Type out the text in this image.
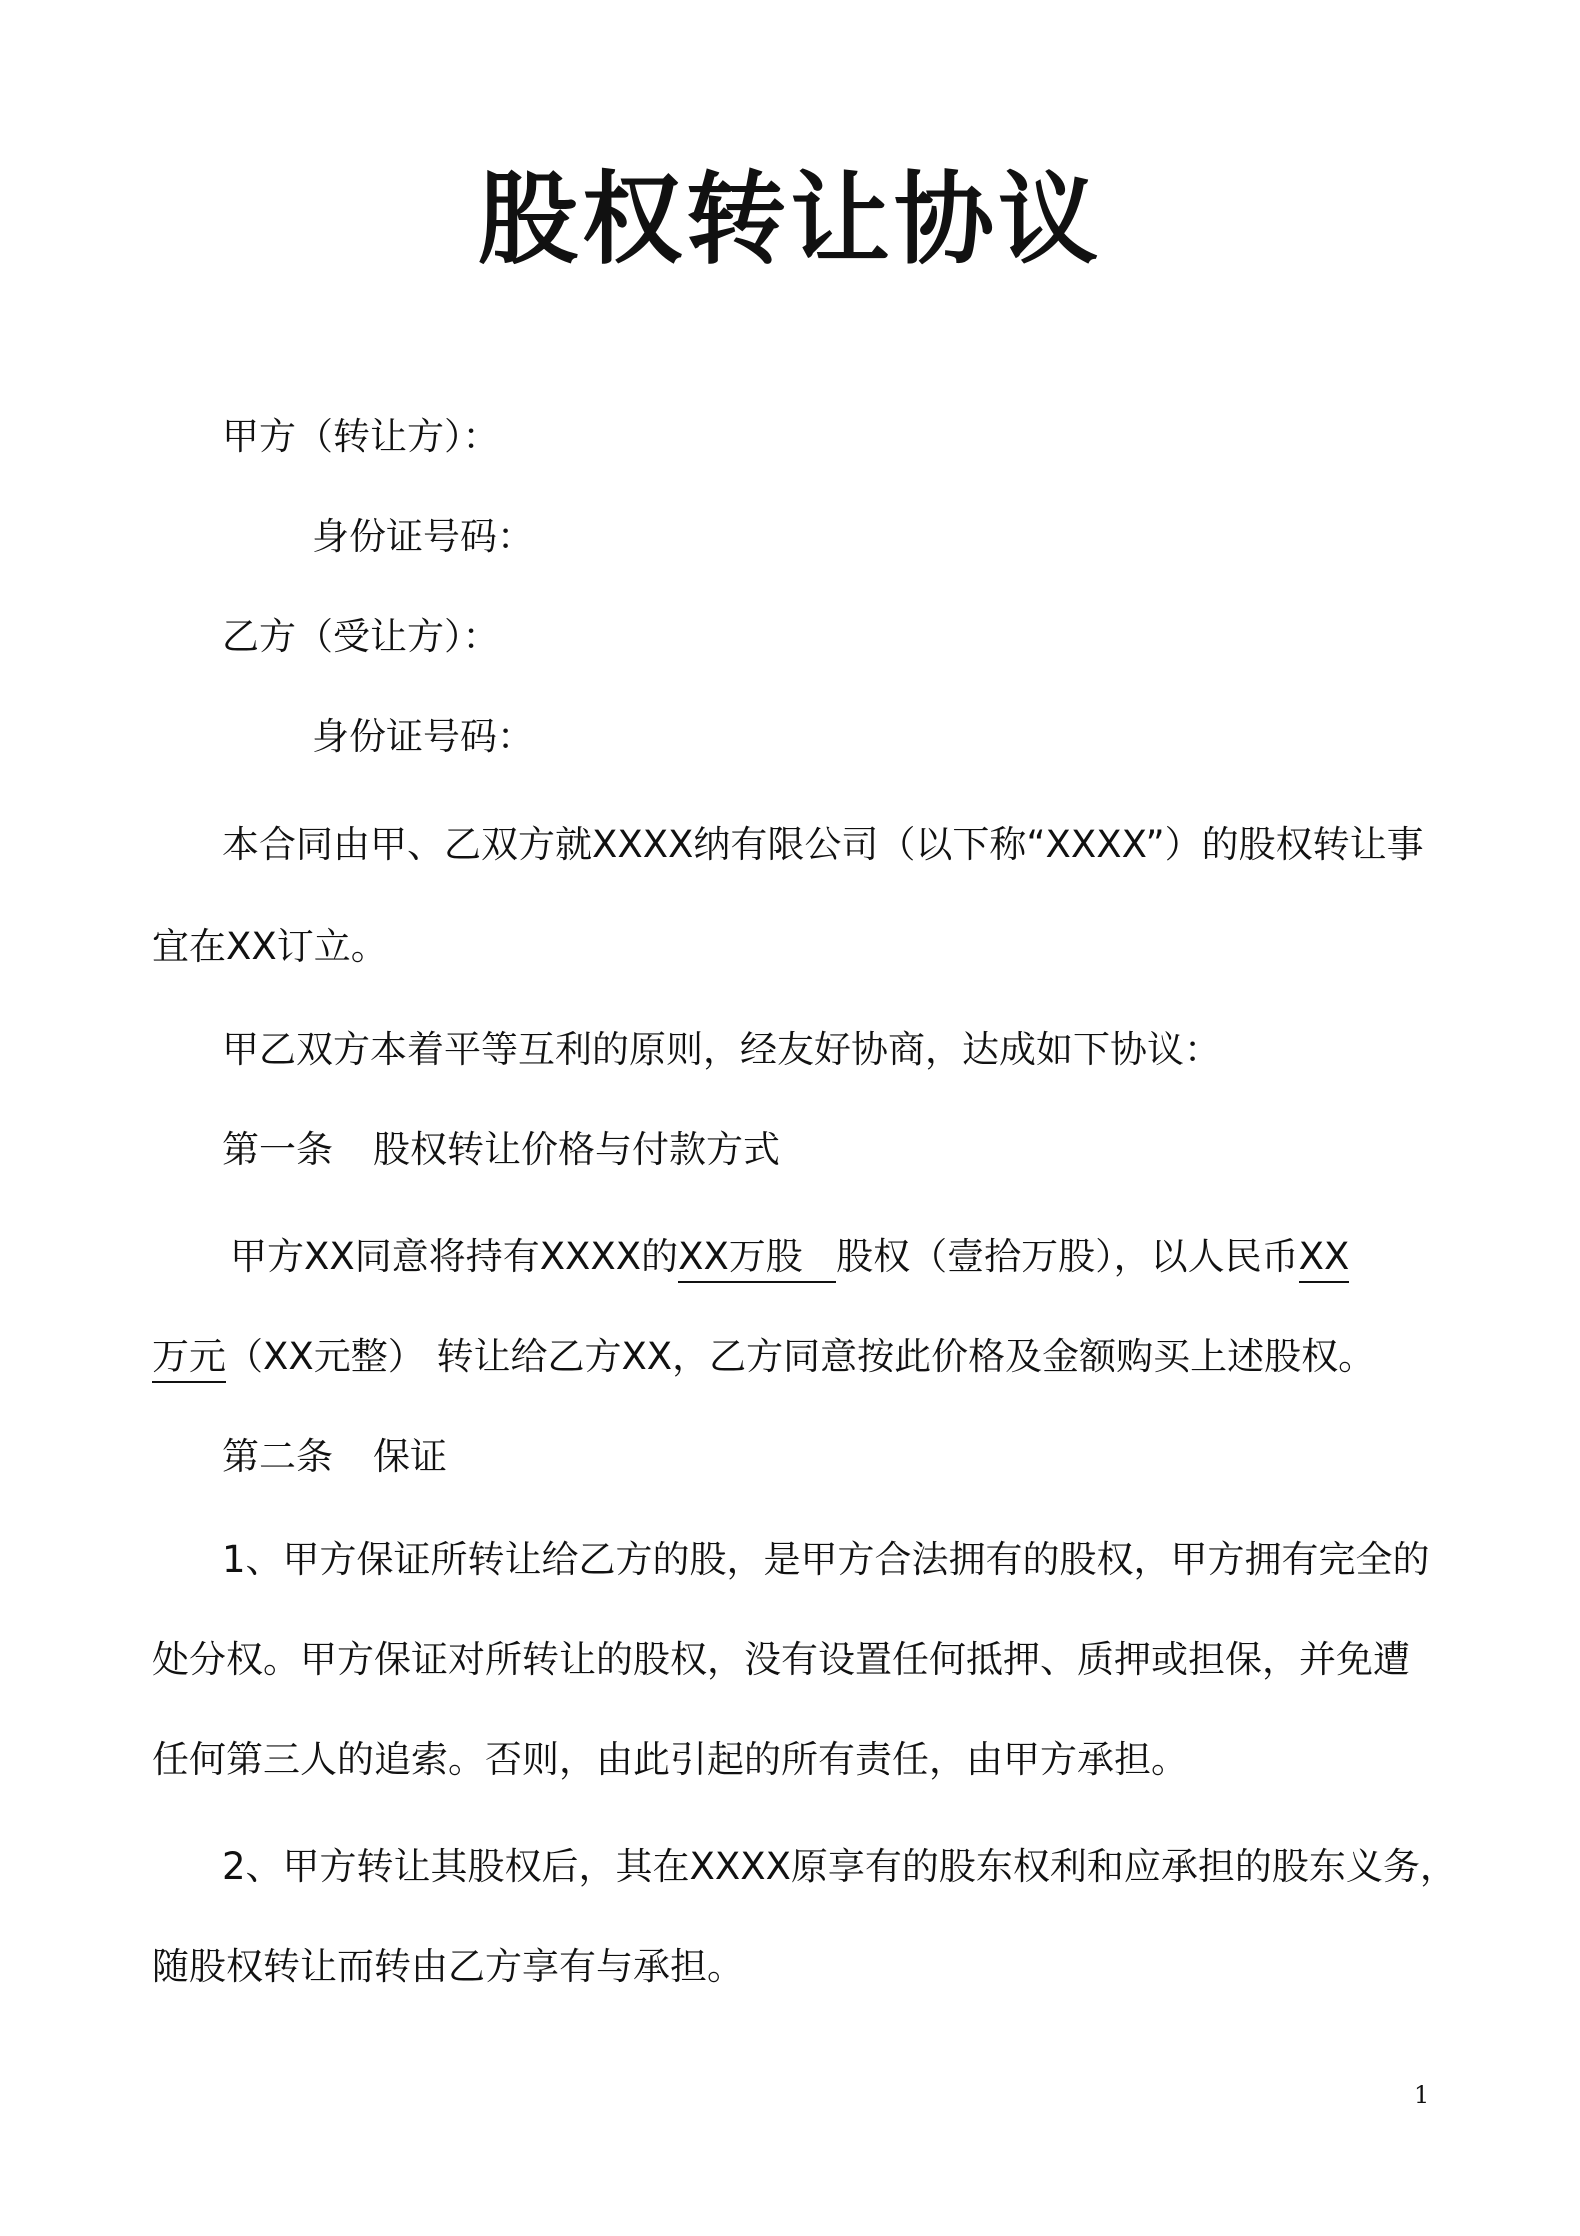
股权转让协议
甲方（转让方）：
身份证号码：
乙方（受让方）：
身份证号码：
本合同由甲、乙双方就XXXX纳有限公司（以下称“XXXX”）的股权转让事
宜在XX订立。
甲乙双方本着平等互利的原则，经友好协商，达成如下协议：
第一条 股权转让价格与付款方式
甲方XX同意将持有XXXX的XX万股 股权（壹拾万股），以人民币XX
万元（XX元整） 转让给乙方XX，乙方同意按此价格及金额购买上述股权。
第二条 保证
1、甲方保证所转让给乙方的股，是甲方合法拥有的股权，甲方拥有完全的
处分权。甲方保证对所转让的股权，没有设置任何抵押、质押或担保，并免遭
任何第三人的追索。否则，由此引起的所有责任，由甲方承担。
2、甲方转让其股权后，其在XXXX原享有的股东权利和应承担的股东义务，
随股权转让而转由乙方享有与承担。
1
